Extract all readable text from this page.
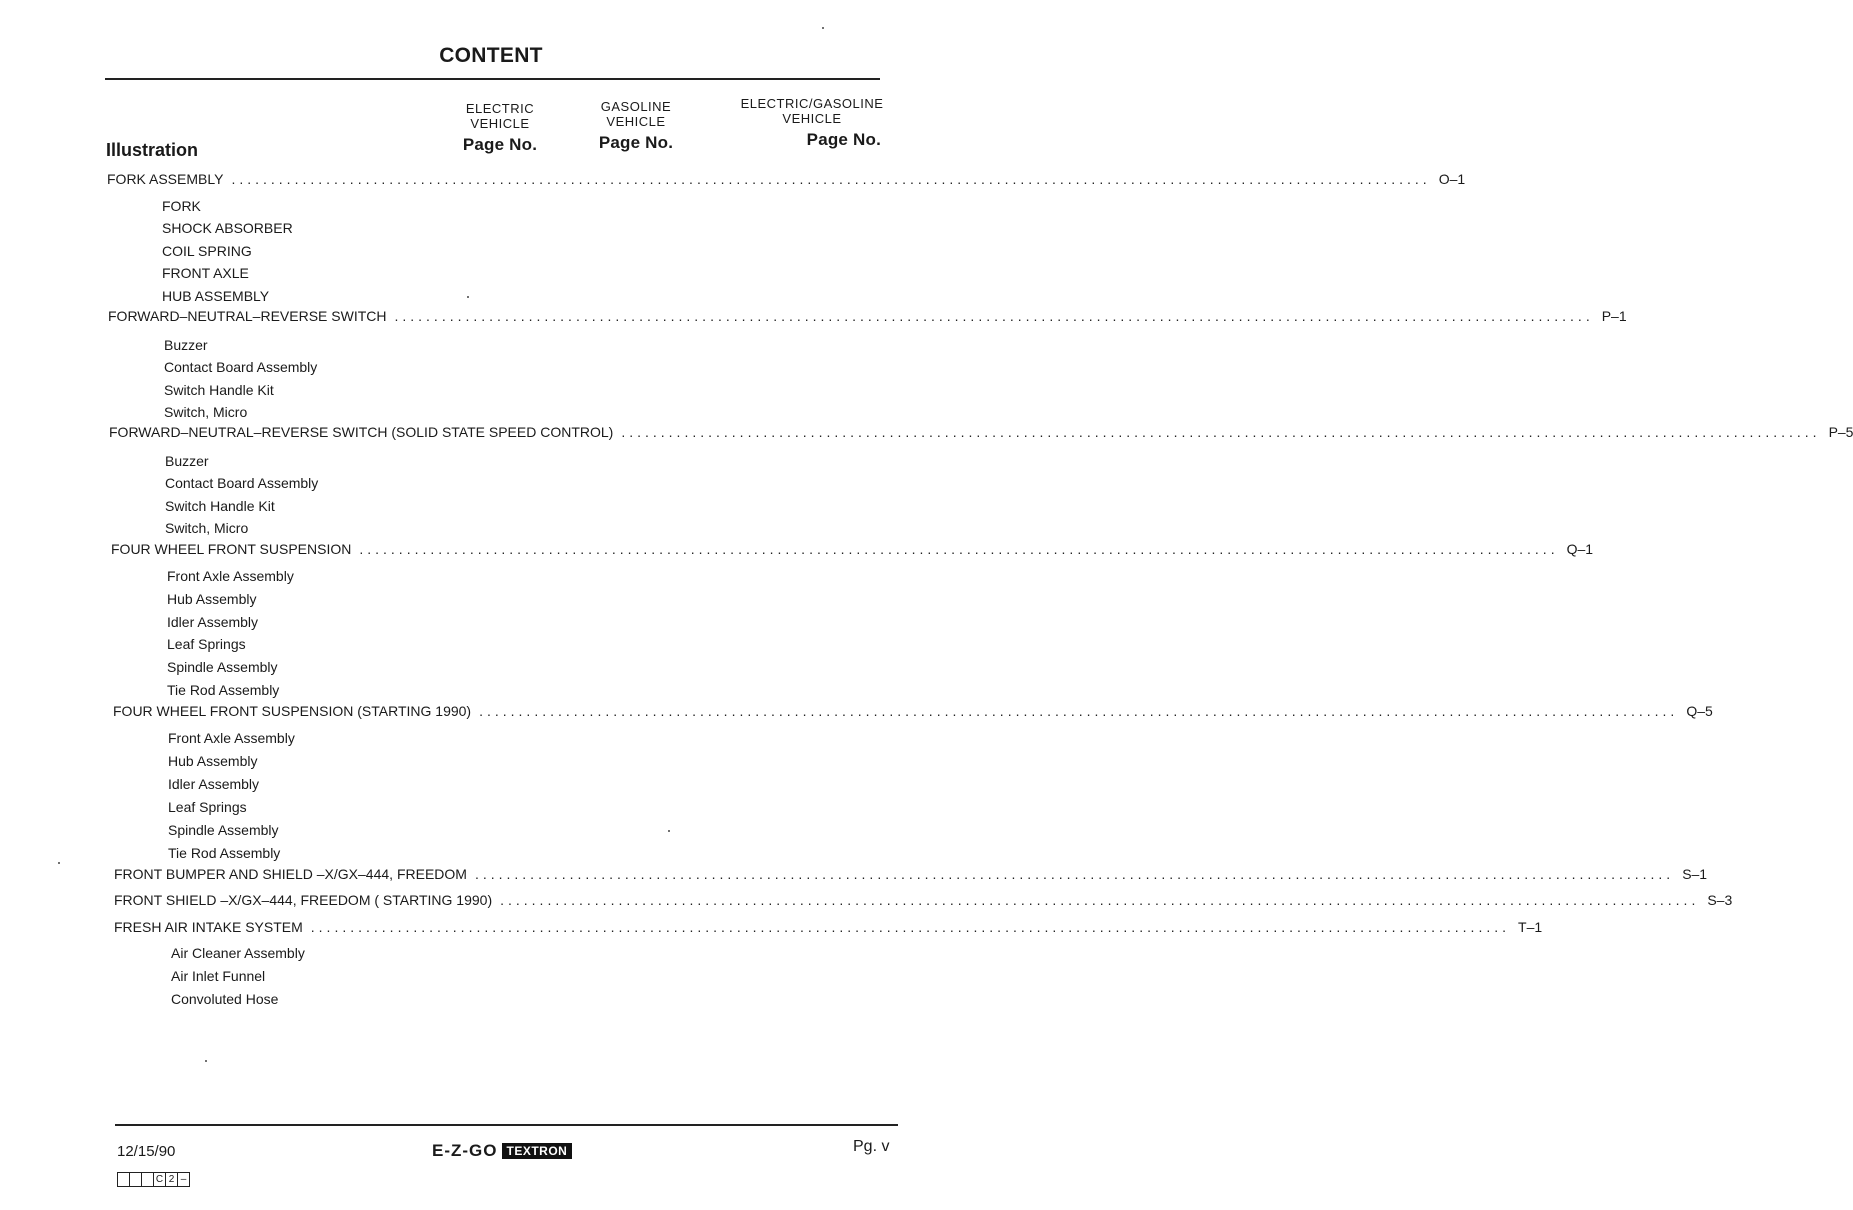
CONTENT
ELECTRIC
VEHICLE
Page No.
GASOLINE
VEHICLE
Page No.
ELECTRIC/GASOLINE
VEHICLE
Page No.
Illustration
FORK ASSEMBLY ........................................................................................................................................................ O–1
FORK
SHOCK ABSORBER
COIL SPRING
FRONT AXLE
HUB ASSEMBLY
FORWARD–NEUTRAL–REVERSE SWITCH ........................................................................................................................................................ P–1
Buzzer
Contact Board Assembly
Switch Handle Kit
Switch, Micro
FORWARD–NEUTRAL–REVERSE SWITCH (SOLID STATE SPEED CONTROL) ........................................................................................................................................................ P–5
Buzzer
Contact Board Assembly
Switch Handle Kit
Switch, Micro
FOUR WHEEL FRONT SUSPENSION ........................................................................................................................................................ Q–1
Front Axle Assembly
Hub Assembly
Idler Assembly
Leaf Springs
Spindle Assembly
Tie Rod Assembly
FOUR WHEEL FRONT SUSPENSION (STARTING 1990) ........................................................................................................................................................ Q–5
Front Axle Assembly
Hub Assembly
Idler Assembly
Leaf Springs
Spindle Assembly
Tie Rod Assembly
FRONT BUMPER AND SHIELD –X/GX–444, FREEDOM ........................................................................................................................................................ S–1
FRONT SHIELD –X/GX–444, FREEDOM ( STARTING 1990) ........................................................................................................................................................ S–3
FRESH AIR INTAKE SYSTEM ........................................................................................................................................................ T–1
Air Cleaner Assembly
Air Inlet Funnel
Convoluted Hose
12/15/90	E-Z-GO TEXTRON	Pg. v
C 2 –
